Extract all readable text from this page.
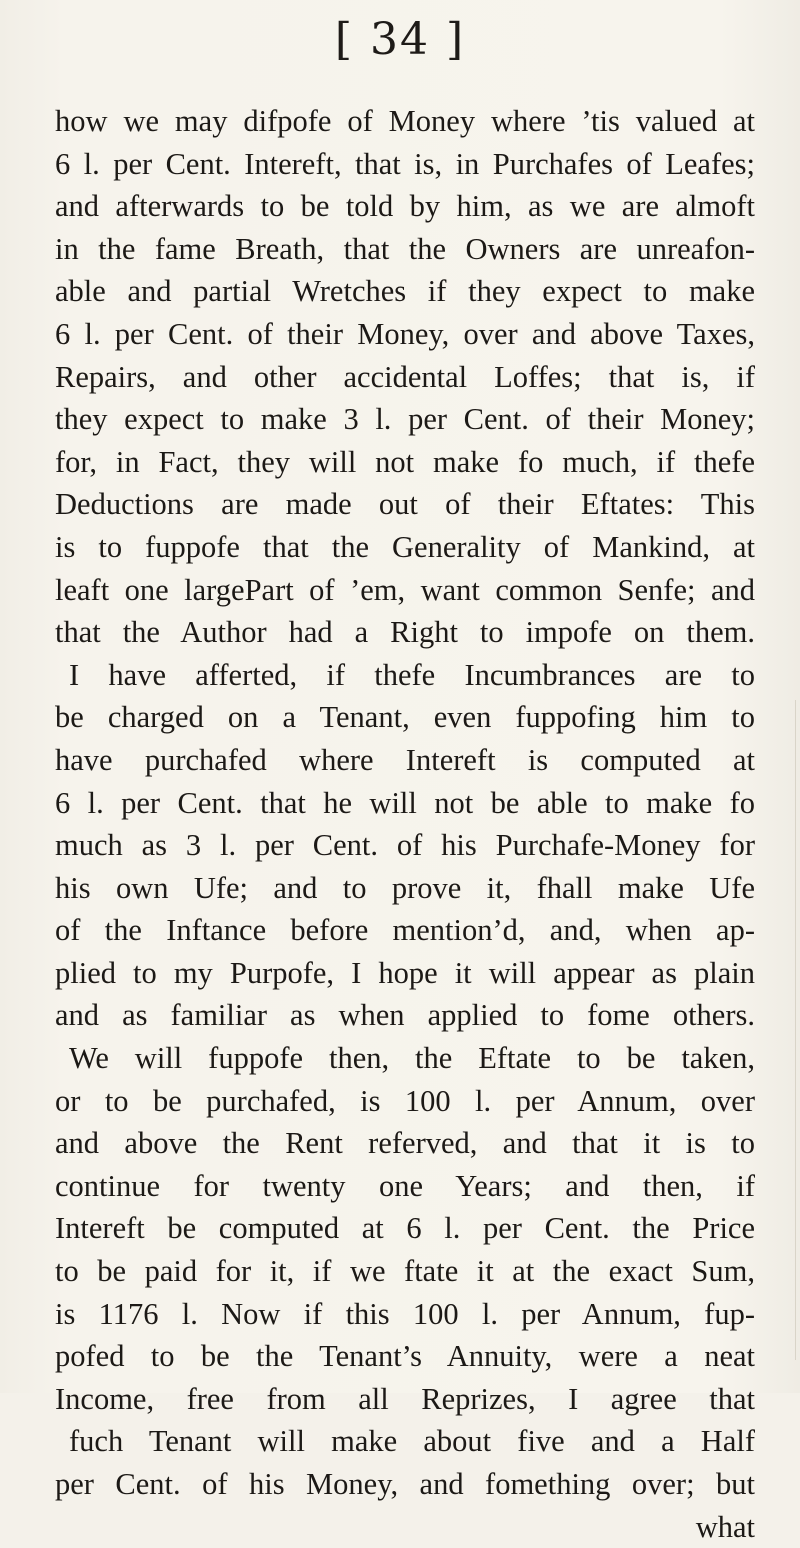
[ 34 ]
how we may difpofe of Money where ’tis valued at
6 l. per Cent. Intereft, that is, in Purchafes of Leafes;
and afterwards to be told by him, as we are almoft
in the fame Breath, that the Owners are unreafon-
able and partial Wretches if they expect to make
6 l. per Cent. of their Money, over and above Taxes,
Repairs, and other accidental Loffes; that is, if
they expect to make 3 l. per Cent. of their Money;
for, in Fact, they will not make fo much, if thefe
Deductions are made out of their Eftates: This
is to fuppofe that the Generality of Mankind, at
leaft one largePart of ’em, want common Senfe; and
that the Author had a Right to impofe on them.
I have afferted, if thefe Incumbrances are to
be charged on a Tenant, even fuppofing him to
have purchafed where Intereft is computed at
6 l. per Cent. that he will not be able to make fo
much as 3 l. per Cent. of his Purchafe-Money for
his own Ufe; and to prove it, fhall make Ufe
of the Inftance before mention’d, and, when ap-
plied to my Purpofe, I hope it will appear as plain
and as familiar as when applied to fome others.
We will fuppofe then, the Eftate to be taken,
or to be purchafed, is 100 l. per Annum, over
and above the Rent referved, and that it is to
continue for twenty one Years; and then, if
Intereft be computed at 6 l. per Cent. the Price
to be paid for it, if we ftate it at the exact Sum,
is 1176 l. Now if this 100 l. per Annum, fup-
pofed to be the Tenant’s Annuity, were a neat
Income, free from all Reprizes, I agree that
fuch Tenant will make about five and a Half
per Cent. of his Money, and fomething over; but
what
